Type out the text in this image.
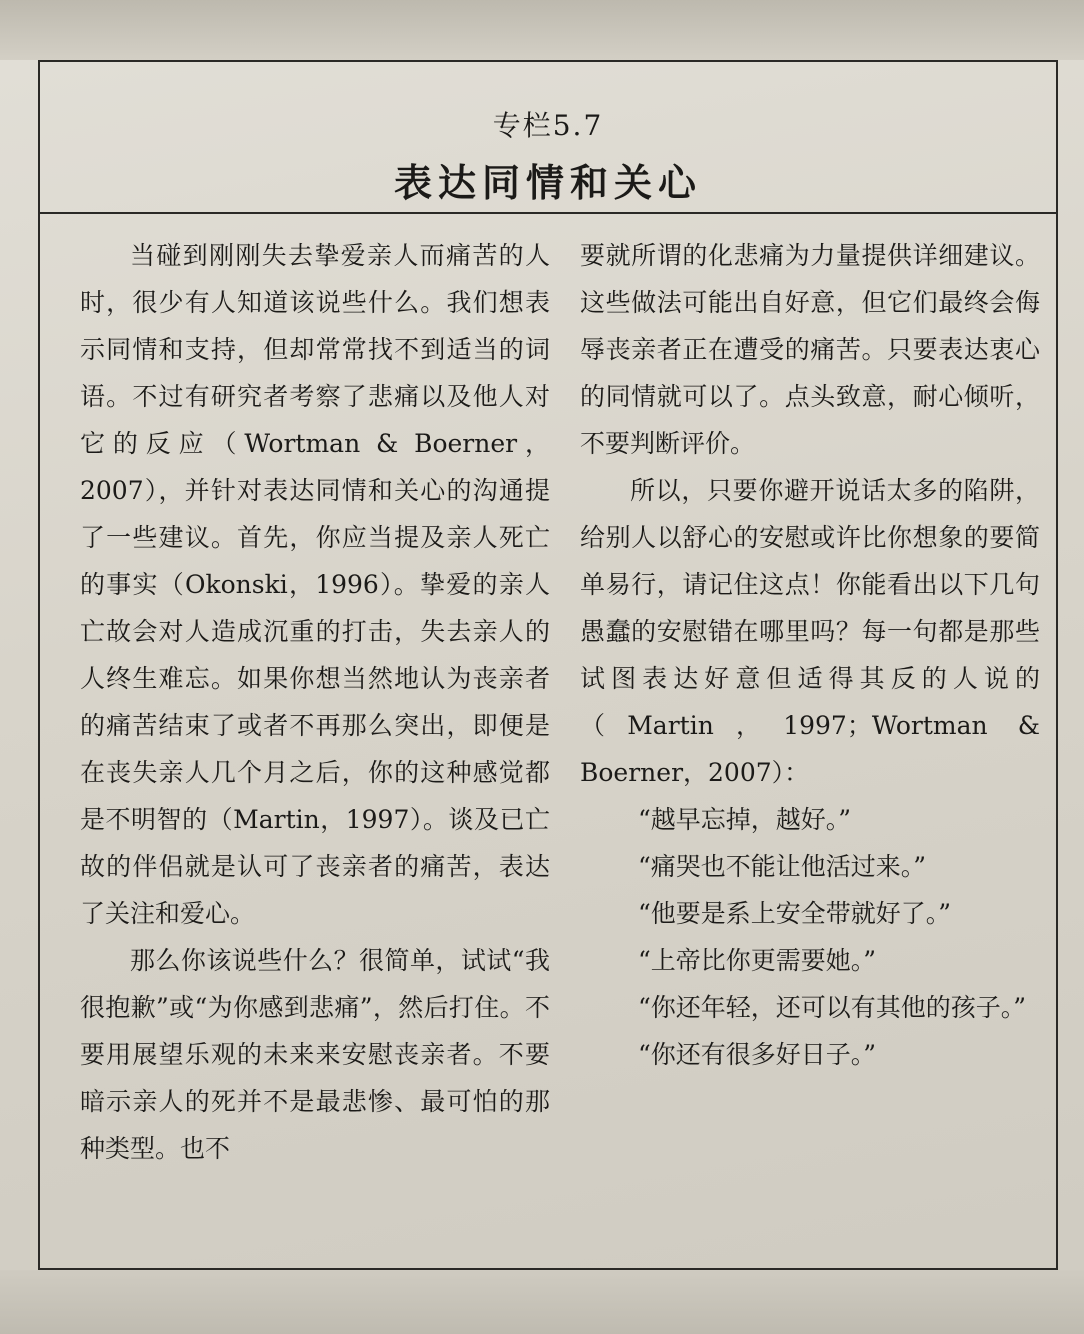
专栏5.7
表达同情和关心

当碰到刚刚失去挚爱亲人而痛苦的人时，很少有人知道该说些什么。我们想表示同情和支持，但却常常找不到适当的词语。不过有研究者考察了悲痛以及他人对它的反应（Wortman & Boerner，2007），并针对表达同情和关心的沟通提了一些建议。首先，你应当提及亲人死亡的事实（Okonski，1996）。挚爱的亲人亡故会对人造成沉重的打击，失去亲人的人终生难忘。如果你想当然地认为丧亲者的痛苦结束了或者不再那么突出，即便是在丧失亲人几个月之后，你的这种感觉都是不明智的（Martin，1997）。谈及已亡故的伴侣就是认可了丧亲者的痛苦，表达了关注和爱心。

那么你该说些什么？很简单，试试“我很抱歉”或“为你感到悲痛”，然后打住。不要用展望乐观的未来来安慰丧亲者。不要暗示亲人的死并不是最悲惨、最可怕的那种类型。也不

要就所谓的化悲痛为力量提供详细建议。这些做法可能出自好意，但它们最终会侮辱丧亲者正在遭受的痛苦。只要表达衷心的同情就可以了。点头致意，耐心倾听，不要判断评价。

所以，只要你避开说话太多的陷阱，给别人以舒心的安慰或许比你想象的要简单易行，请记住这点！你能看出以下几句愚蠢的安慰错在哪里吗？每一句都是那些试图表达好意但适得其反的人说的（Martin，1997；Wortman & Boerner，2007）：

“越早忘掉，越好。”

“痛哭也不能让他活过来。”

“他要是系上安全带就好了。”

“上帝比你更需要她。”

“你还年轻，还可以有其他的孩子。”

“你还有很多好日子。”
